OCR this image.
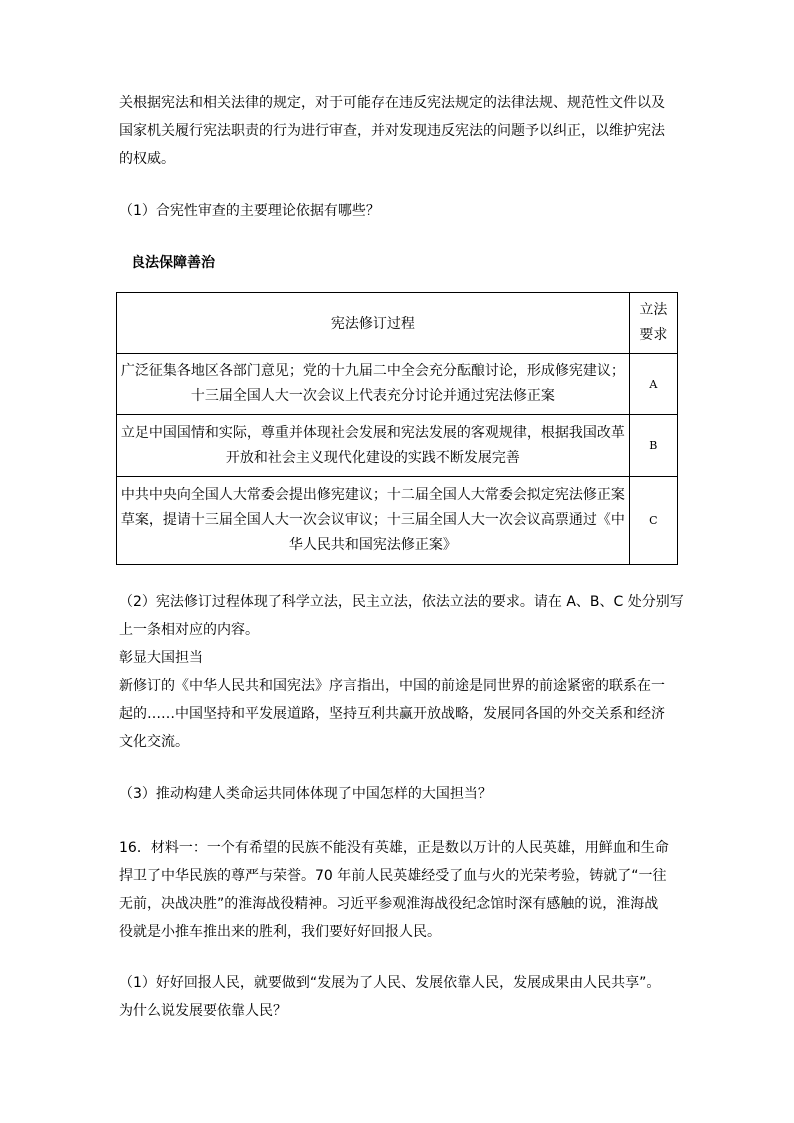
关根据宪法和相关法律的规定，对于可能存在违反宪法规定的法律法规、规范性文件以及
国家机关履行宪法职责的行为进行审查，并对发现违反宪法的问题予以纠正，以维护宪法
的权威。
（1）合宪性审查的主要理论依据有哪些？
良法保障善治
宪法修订过程	立法
要求

广泛征集各地区各部门意见；党的十九届二中全会充分酝酿讨论，形成修宪建议；
十三届全国人大一次会议上代表充分讨论并通过宪法修正案	A

立足中国国情和实际，尊重并体现社会发展和宪法发展的客观规律，根据我国改革
开放和社会主义现代化建设的实践不断发展完善	B

中共中央向全国人大常委会提出修宪建议；十二届全国人大常委会拟定宪法修正案
草案，提请十三届全国人大一次会议审议；十三届全国人大一次会议高票通过《中
华人民共和国宪法修正案》	C
（2）宪法修订过程体现了科学立法，民主立法，依法立法的要求。请在 A、B、C 处分别写
上一条相对应的内容。
彰显大国担当
新修订的《中华人民共和国宪法》序言指出，中国的前途是同世界的前途紧密的联系在一
起的……中国坚持和平发展道路，坚持互利共赢开放战略，发展同各国的外交关系和经济
文化交流。
（3）推动构建人类命运共同体体现了中国怎样的大国担当？
16．材料一：一个有希望的民族不能没有英雄，正是数以万计的人民英雄，用鲜血和生命
捍卫了中华民族的尊严与荣誉。70 年前人民英雄经受了血与火的光荣考验，铸就了“一往
无前，决战决胜”的淮海战役精神。习近平参观淮海战役纪念馆时深有感触的说，淮海战
役就是小推车推出来的胜利，我们要好好回报人民。
（1）好好回报人民，就要做到“发展为了人民、发展依靠人民，发展成果由人民共享”。
为什么说发展要依靠人民？
